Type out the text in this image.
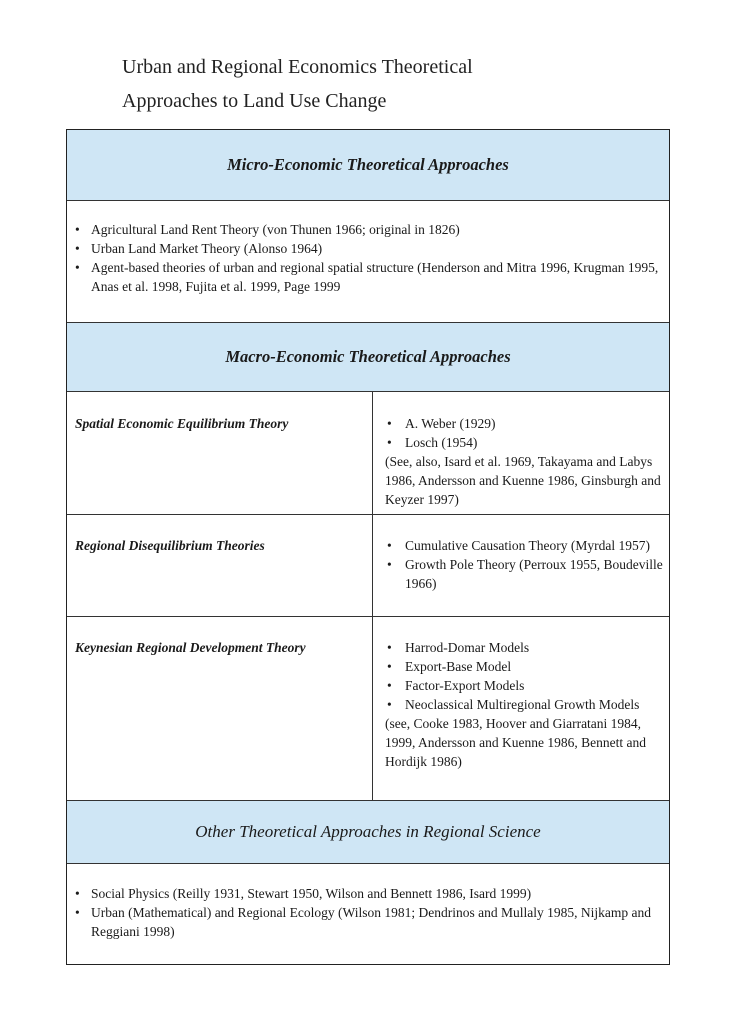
Urban and Regional Economics Theoretical
Approaches to Land Use Change
Micro-Economic Theoretical Approaches
• Agricultural Land Rent Theory (von Thunen 1966; original in 1826)
• Urban Land Market Theory (Alonso 1964)
• Agent-based theories of urban and regional spatial structure (Henderson and Mitra 1996, Krugman 1995, Anas et al. 1998, Fujita et al. 1999, Page 1999
Macro-Economic Theoretical Approaches
Spatial Economic Equilibrium Theory	• A. Weber (1929)
• Losch (1954)
(See, also, Isard et al. 1969, Takayama and Labys 1986, Andersson and Kuenne 1986, Ginsburgh and Keyzer 1997)
Regional Disequilibrium Theories	• Cumulative Causation Theory (Myrdal 1957)
• Growth Pole Theory (Perroux 1955, Boudeville 1966)
Keynesian Regional Development Theory	• Harrod-Domar Models
• Export-Base Model
• Factor-Export Models
• Neoclassical Multiregional Growth Models
(see, Cooke 1983, Hoover and Giarratani 1984, 1999, Andersson and Kuenne 1986, Bennett and Hordijk 1986)
Other Theoretical Approaches in Regional Science
• Social Physics (Reilly 1931, Stewart 1950, Wilson and Bennett 1986, Isard 1999)
• Urban (Mathematical) and Regional Ecology (Wilson 1981; Dendrinos and Mullaly 1985, Nijkamp and Reggiani 1998)
